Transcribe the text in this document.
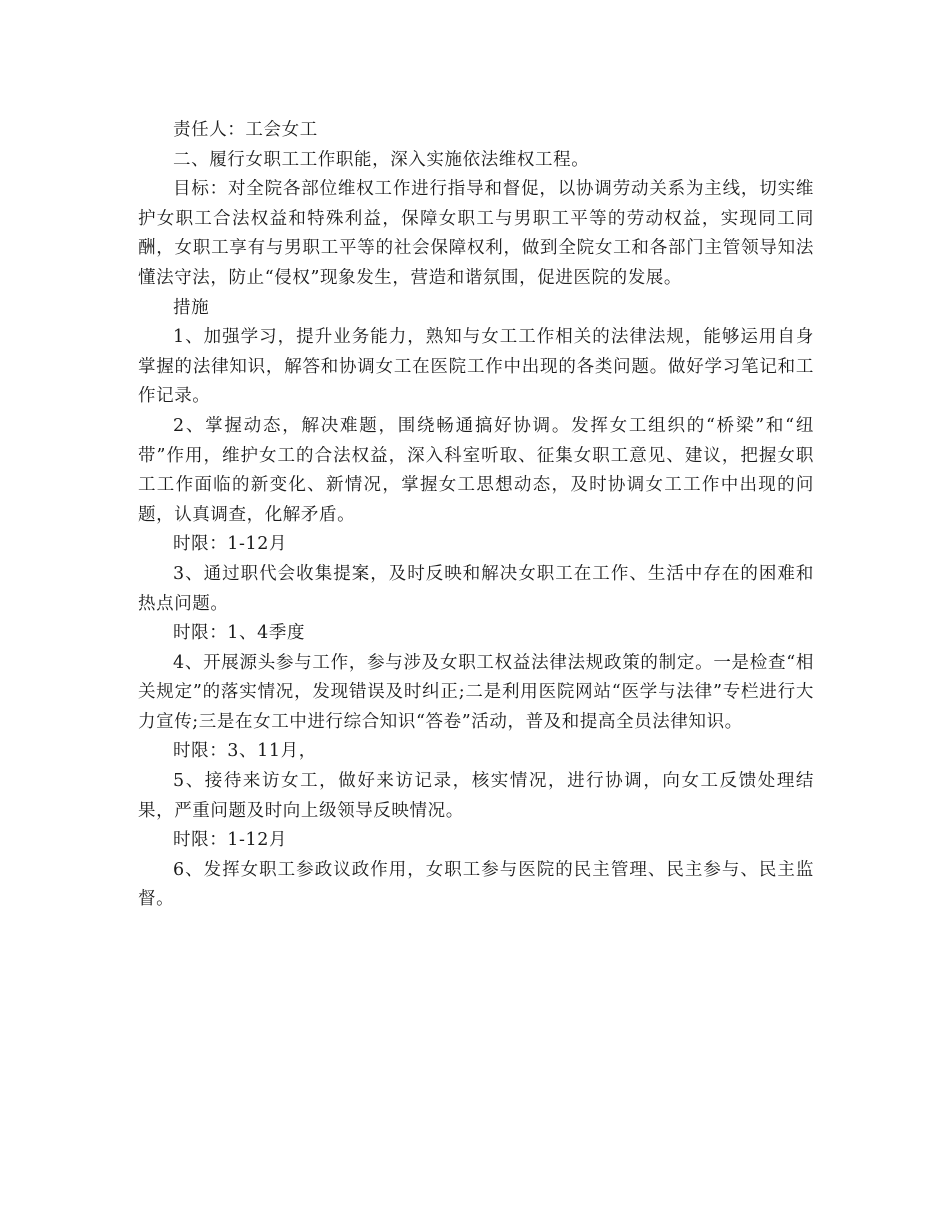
责任人：工会女工

二、履行女职工工作职能，深入实施依法维权工程。

目标：对全院各部位维权工作进行指导和督促，以协调劳动关系为主线，切实维护女职工合法权益和特殊利益，保障女职工与男职工平等的劳动权益，实现同工同酬，女职工享有与男职工平等的社会保障权利，做到全院女工和各部门主管领导知法懂法守法，防止“侵权”现象发生，营造和谐氛围，促进医院的发展。

措施

1、加强学习，提升业务能力，熟知与女工工作相关的法律法规，能够运用自身掌握的法律知识，解答和协调女工在医院工作中出现的各类问题。做好学习笔记和工作记录。

2、掌握动态，解决难题，围绕畅通搞好协调。发挥女工组织的“桥梁”和“纽带”作用，维护女工的合法权益，深入科室听取、征集女职工意见、建议，把握女职工工作面临的新变化、新情况，掌握女工思想动态，及时协调女工工作中出现的问题，认真调查，化解矛盾。

时限：1-12月

3、通过职代会收集提案，及时反映和解决女职工在工作、生活中存在的困难和热点问题。

时限：1、4季度

4、开展源头参与工作，参与涉及女职工权益法律法规政策的制定。一是检查“相关规定”的落实情况，发现错误及时纠正;二是利用医院网站“医学与法律”专栏进行大力宣传;三是在女工中进行综合知识“答卷”活动，普及和提高全员法律知识。

时限：3、11月，

5、接待来访女工，做好来访记录，核实情况，进行协调，向女工反馈处理结果，严重问题及时向上级领导反映情况。

时限：1-12月

6、发挥女职工参政议政作用，女职工参与医院的民主管理、民主参与、民主监督。
